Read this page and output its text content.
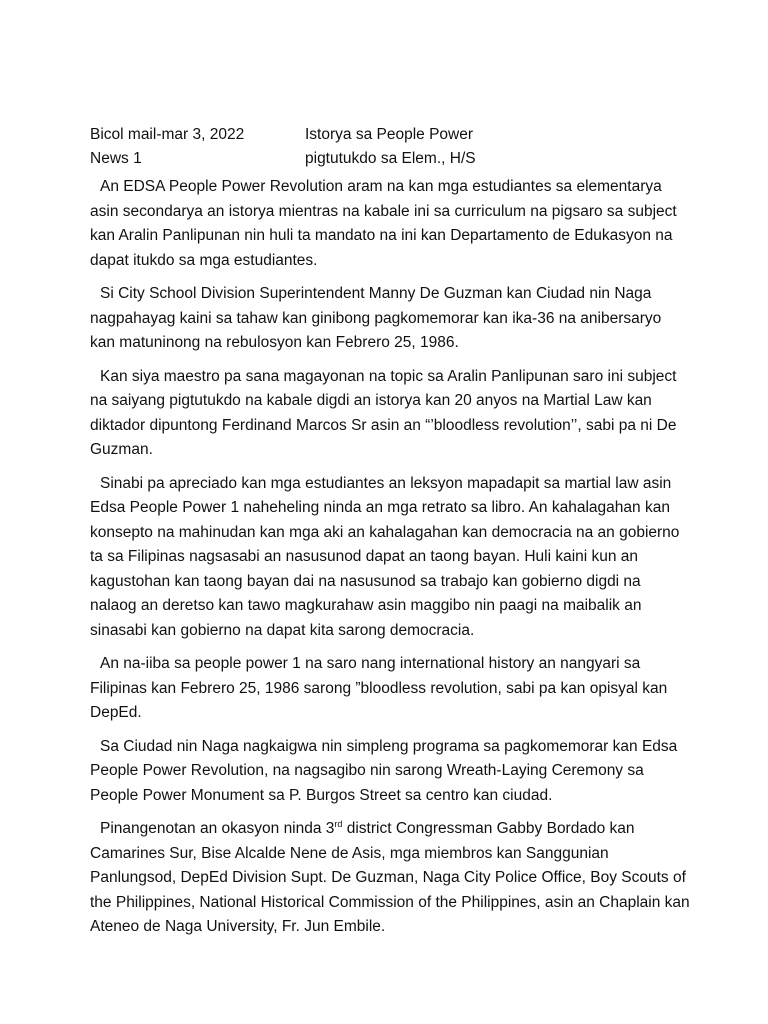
Bicol mail-mar 3, 2022	Istorya sa People Power
News 1	pigtutukdo sa Elem., H/S

An EDSA People Power Revolution aram na kan mga estudiantes sa elementarya asin secondarya an istorya mientras na kabale ini sa curriculum na pigsaro sa subject kan Aralin Panlipunan nin huli ta mandato na ini kan Departamento de Edukasyon na dapat itukdo sa mga estudiantes.

Si City School Division Superintendent Manny De Guzman kan Ciudad nin Naga nagpahayag kaini sa tahaw kan ginibong pagkomemorar kan ika-36 na anibersaryo kan matuninong na rebulosyon kan Febrero 25, 1986.

Kan siya maestro pa sana magayonan na topic sa Aralin Panlipunan saro ini subject na saiyang pigtutukdo na kabale digdi an istorya kan 20 anyos na Martial Law kan diktador dipuntong Ferdinand Marcos Sr asin an “’bloodless revolution’’, sabi pa ni De Guzman.

Sinabi pa apreciado kan mga estudiantes an leksyon mapadapit sa martial law asin Edsa People Power 1 naheheling ninda an mga retrato sa libro. An kahalagahan kan konsepto na mahinudan kan mga aki an kahalagahan kan democracia na an gobierno ta sa Filipinas nagsasabi an nasusunod dapat an taong bayan. Huli kaini kun an kagustohan kan taong bayan dai na nasusunod sa trabajo kan gobierno digdi na nalaog an deretso kan tawo magkurahaw asin maggibo nin paagi na maibalik an sinasabi kan gobierno na dapat kita sarong democracia.

An na-iiba sa people power 1 na saro nang international history an nangyari sa Filipinas kan Febrero 25, 1986 sarong ”bloodless revolution, sabi pa kan opisyal kan DepEd.

Sa Ciudad nin Naga nagkaigwa nin simpleng programa sa pagkomemorar kan Edsa People Power Revolution, na nagsagibo nin sarong Wreath-Laying Ceremony sa People Power Monument sa P. Burgos Street sa centro kan ciudad.

Pinangenotan an okasyon ninda 3rd district Congressman Gabby Bordado kan Camarines Sur, Bise Alcalde Nene de Asis, mga miembros kan Sanggunian Panlungsod, DepEd Division Supt. De Guzman, Naga City Police Office, Boy Scouts of the Philippines, National Historical Commission of the Philippines, asin an Chaplain kan Ateneo de Naga University, Fr. Jun Embile.
